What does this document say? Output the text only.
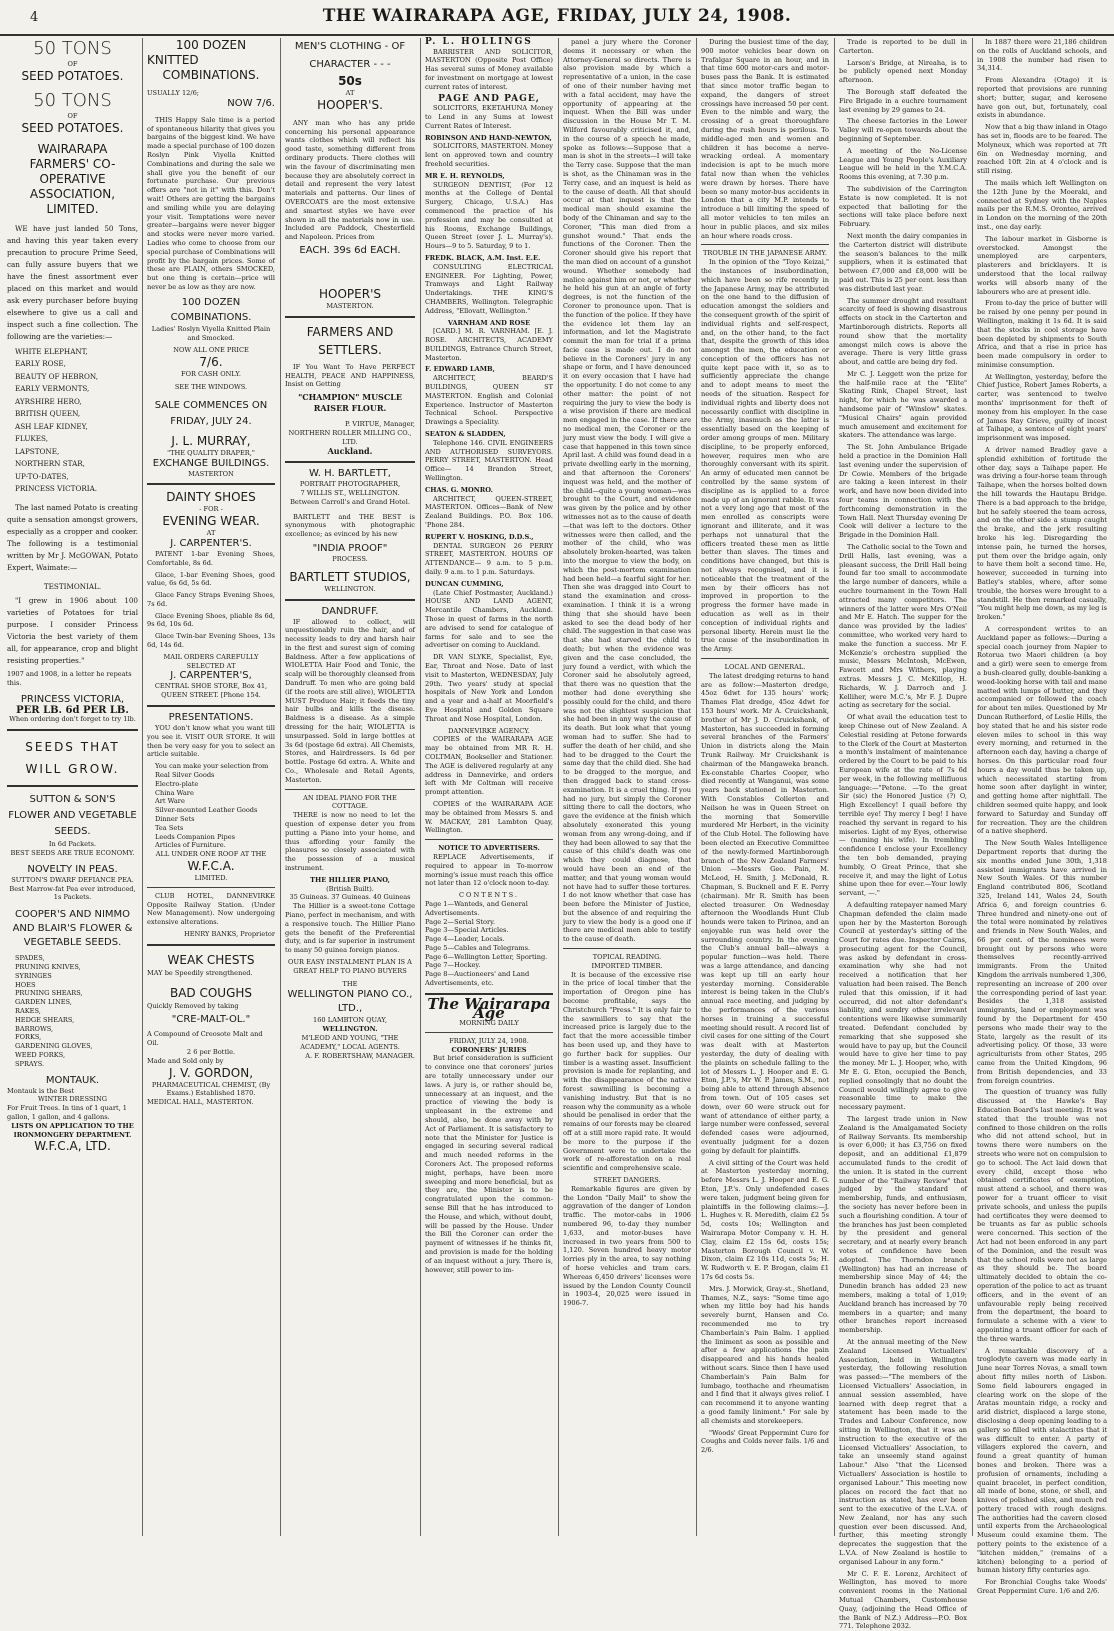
4	THE WAIRARAPA AGE, FRIDAY, JULY 24, 1908.
50 TONS
OF
SEED POTATOES.
50 TONS
OF
SEED POTATOES.
WAIRARAPA FARMERS' CO-OPERATIVE ASSOCIATION, LIMITED.

WE have just landed 50 Tons, and having this year taken every precaution to procure Prime Seed, can fully assure buyers that we have the finest assortment ever placed on this market and would ask every purchaser before buying elsewhere to give us a call and inspect such a fine collection. The following are the varieties:—

WHITE ELEPHANT,
EARLY ROSE,
BEAUTY OF HEBRON,
EARLY VERMONTS,
AYRSHIRE HERO,
BRITISH QUEEN,
ASH LEAF KIDNEY,
FLUKES,
LAPSTONE,
NORTHERN STAR,
UP-TO-DATES,
PRINCESS VICTORIA.

The last named Potato is creating quite a sensation amongst growers, especially as a cropper and cooker. The following is a testimonial written by Mr J. McGOWAN, Potato Expert, Waimate:—

TESTIMONIAL.

"I grew in 1906 about 100 varieties of Potatoes for trial purpose. I consider Princess Victoria the best variety of them all, for appearance, crop and blight resisting properties."

1907 and 1908, in a letter he repeats this.
PRINCESS VICTORIA,
PER LB. 6d PER LB.
When ordering don't forget to try 1lb.
SEEDS THAT WILL GROW.
SUTTON & SON'S FLOWER AND VEGETABLE SEEDS.
In 6d Packets.
BEST SEEDS ARE TRUE ECONOMY.
NOVELTY IN PEAS.
SUTTON'S DWARF DEFIANCE PEA.
Best Marrow-fat Pea ever introduced, 1s Packets.
COOPER'S AND NIMMO AND BLAIR'S FLOWER & VEGETABLE SEEDS.
SPADES,
PRUNING KNIVES,
SYRINGES
HOES
PRUNING SHEARS,
GARDEN LINES,
RAKES,
HEDGE SHEARS,
BARROWS,
FORKS,
GARDENING GLOVES,
WEED FORKS,
SPRAYS.
MONTAUK.
Montauk is the Best
WINTER DRESSING
For Fruit Trees. In tins of 1 quart, 1 gallon, 1 gallon, and 4 gallons.
LISTS ON APPLICATION TO THE IRONMONGERY DEPARTMENT.
W.F.C.A, LTD.
100 DOZEN
KNITTED
COMBINATIONS.
USUALLY 12/6;
NOW 7/6.

THIS Happy Sale time is a period of spontaneous hilarity that gives you bargains of the biggest kind. We have made a special purchase of 100 dozen Roslyn Pink Viyella Knitted Combinations and during the sale we shall give you the benefit of our fortunate purchase. Our previous offers are "not in it" with this. Don't wait! Others are getting the bargains and smiling while you are delaying your visit. Temptations were never greater—bargains were never bigger and stocks were never more varied. Ladies who come to choose from our special purchase of Combinations will profit by the bargain prices. Some of these are PLAIN, others SMOCKED, but one thing is certain—price will never be as low as they are now.

100 DOZEN COMBINATIONS.
Ladies' Roslyn Viyella Knitted Plain and Smocked.
NOW ALL ONE PRICE
7/6.
FOR CASH ONLY.
SEE THE WINDOWS.
SALE COMMENCES ON FRIDAY, JULY 24.
J. L. MURRAY,
"THE QUALITY DRAPER,"
EXCHANGE BUILDINGS.
MASTERTON
DAINTY SHOES
- FOR -
EVENING WEAR.
AT
J. CARPENTER'S.

PATENT 1-bar Evening Shoes, Comfortable, 8s 6d.

Glace, 1-bar Evening Shoes, good value, 6s 6d, 5s 6d.

Glace Fancy Straps Evening Shoes, 7s 6d.

Glace Evening Shoes, pliable 8s 6d, 9s 6d, 10s 6d.

Glace Twin-bar Evening Shoes, 13s 6d, 14s 6d.

MAIL ORDERS CAREFULLY SELECTED AT
J. CARPENTER'S,
CENTRAL SHOE STORE, Box 41, QUEEN STREET. [Phone 154.
PRESENTATIONS.

YOU don't know what you want till you see it. VISIT OUR STORE. It will then be very easy for you to select an article suitable.

You can make your selection from
Real Silver Goods
Electro-plate
China Ware
Art Ware
Silver-mounted Leather Goods
Dinner Sets
Tea Sets
Leeds Companion Pipes
Articles of Furniture.
ALL UNDER ONE ROOF AT THE
W.F.C.A.
LIMITED.

CLUB HOTEL, DANNEVIRKE Opposite Railway Station. (Under New Management). Now undergoing extensive alterations.

HENRY BANKS, Proprietor
WEAK CHESTS
MAY be Speedily strengthened.
BAD COUGHS
Quickly Removed by taking
"CRE-MALT-OL."
A Compound of Creosote Malt and Oil.
2 6 per Bottle.
Made and Sold only by
J. V. GORDON,
PHARMACEUTICAL CHEMIST, (By Exams.) Established 1870.
MEDICAL HALL, MASTERTON.
MEN'S CLOTHING - OF CHARACTER - - -
50s
AT
HOOPER'S.

ANY man who has any pride concerning his personal appearance wants clothes which will reflect his good taste, something different from ordinary products. There clothes will win the favour of discriminating men because they are absolutely correct in detail and represent the very latest materials and patterns. Our lines of OVERCOATS are the most extensive and smartest styles we have ever shown in all the materials now in use. Included are Paddock, Chesterfield and Napoleon. Prices from

EACH. 39s 6d EACH.
HOOPER'S
MASTERTON.
FARMERS AND SETTLERS.

IF You Want To Have PERFECT HEALTH, PEACE AND HAPPINESS, Insist on Getting

"CHAMPION" MUSCLE RAISER FLOUR.
P. VIRTUE, Manager,
NORTHERN ROLLER MILLING CO., LTD.
Auckland.
W. H. BARTLETT,
PORTRAIT PHOTOGRAPHER,
7 WILLIS ST., WELLINGTON. Between Carroll's and Grand Hotel.

BARTLETT and THE BEST is synonymous with photographic excellence; as evinced by his new

"INDIA PROOF"
PROCESS.
BARTLETT STUDIOS,
WELLINGTON.
DANDRUFF.

IF allowed to collect, will unquestionably ruin the hair, and of necessity leads to dry and harsh hair in the first and surest sign of coming Baldness. After a few applications of WIOLETTA Hair Food and Tonic, the scalp will be thoroughly cleansed from Dandruff. To men who are going bald (if the roots are still alive), WIOLETTA MUST Produce Hair; it feeds the tiny hair bulbs and kills the disease. Baldness is a disease. As a simple dressing for the hair, WIOLETTA is unsurpassed. Sold in large bottles at 3s 6d (postage 6d extra). All Chemists, Stores, and Hairdressers. Is 6d per bottle. Postage 6d extra. A. White and Co., Wholesale and Retail Agents, Masterton.

AN IDEAL PIANO FOR THE COTTAGE.

THERE is now no need to let the question of expense deter you from putting a Piano into your home, and thus affording your family the pleasures so closely associated with the possession of a musical instrument.

THE HILLIER PIANO,
(British Built).
35 Guineas. 37 Guineas. 40 Guineas

The Hillier is a sweet-tone Cottage Piano, perfect in mechanism, and with a responsive touch. The Hillier Piano gets the benefit of the Preferential duty, and is far superior in instrument to many 50 guinea foreign pianos.

OUR EASY INSTALMENT PLAN IS A GREAT HELP TO PIANO BUYERS
THE
WELLINGTON PIANO CO., LTD.,
160 LAMBTON QUAY,
WELLINGTON.
M'LEOD AND YOUNG, "THE ACADEMY," LOCAL AGENTS.
A. F. ROBERTSHAW, MANAGER.
P. L. HOLLINGS

BARRISTER AND SOLICITOR, MASTERTON (Opposite Post Office) Has several sums of Money available for investment on mortgage at lowest current rates of interest.

PAGE AND PAGE,

SOLICITORS, EKETAHUNA Money to Lend in any Sums at lowest Current Rates of Interest.

ROBINSON AND HAND-NEWTON,

SOLICITORS, MASTERTON. Money lent on approved town and country freehold securities.

MR E. H. REYNOLDS,

SURGEON DENTIST, (For 12 months at the College of Dental Surgery, Chicago, U.S.A.) Has commenced the practice of his profession and may be consulted at his Rooms, Exchange Buildings, Queen Street (over J. L. Murray's). Hours—9 to 5. Saturday, 9 to 1.

FREDK. BLACK, A.M. Inst. E.E.

CONSULTING ELECTRICAL ENGINEER. For Lighting, Power, Tramways and Light Railway Undertakings. THE KING'S CHAMBERS, Wellington. Telegraphic Address, "Ellovatt, Wellington."

VARNHAM AND ROSE

[CARD.] M. R. VARNHAM. [E. J. ROSE. ARCHITECTS, ACADEMY BUILDINGS, Entrance Church Street, Masterton.

F. EDWARD LAMB,

ARCHITECT, BEARD'S BUILDINGS, QUEEN ST MASTERTON. English and Colonial Experience. Instructor of Masterton Technical School. Perspective Drawings a Speciality.

SEATON & SLADDEN,

Telephone 146. CIVIL ENGINEERS AND AUTHORISED SURVEYORS. PERRY STREET, MASTERTON. Head Office— 14 Brandon Street, Wellington.

CHAS. G. MONRO.

ARCHITECT, QUEEN-STREET, MASTERTON. Offices—Bank of New Zealand Buildings. P.O. Box 106. 'Phone 284.

RUPERT V. HOSKING, D.D.S.,

DENTAL SURGEON 26 PERRY STREET, MASTERTON. HOURS OF ATTENDANCE— 9 a.m. to 5 p.m. daily. 9 a.m. to 1 p.m. Saturdays.

DUNCAN CUMMING,

(Late Chief Postmaster, Auckland.) HOUSE AND LAND AGENT, Mercantile Chambers, Auckland. Those in quest of farms in the north are advised to send for catalogue of farms for sale and to see the advertiser on coming to Auckland.

DR VAN SLYKE, Specialist, Eye, Ear, Throat and Nose. Date of last visit to Masterton, WEDNESDAY, July 29th. Two years' study at special hospitals of New York and London and a year and a-half at Moorfield's Eye Hospital and Golden Square Throat and Nose Hospital, London.

DANNEVIRKE AGENCY.

COPIES of the WAIRARAPA AGE may be obtained from MR R. H. COLTMAN, Bookseller and Stationer. The AGE is delivered regularly at any address in Dannevirke, and orders left with Mr Coltman will receive prompt attention.

COPIES of the WAIRARAPA AGE may be obtained from Messrs S. and W. MACKAY, 281 Lambton Quay, Wellington.

NOTICE TO ADVERTISERS.

REPLACE Advertisements, if required to appear in To-morrow morning's issue must reach this office not later than 12 o'clock noon to-day.

CONTENTS.
Page 1—Wanteds, and General Advertisements.
Page 2—Serial Story.
Page 3—Special Articles.
Page 4—Leader, Locals.
Page 5—Cables and Telegrams.
Page 6—Wellington Letter, Sporting.
Page 7—Hockey.
Page 8—Auctioneers' and Land Advertisements, etc.
The Wairarapa Age
MORNING DAILY
FRIDAY, JULY 24, 1908.
CORONERS' JURIES

But brief consideration is sufficient to convince one that coroners' juries are totally unnecessary under our laws. A jury is, or rather should be, unnecessary at an inquest, and the practice of viewing the body is unpleasant in the extreme and should, also, be done away with by Act of Parliament. It is satisfactory to note that the Minister for Justice is engaged in securing several radical and much needed reforms in the Coroners Act. The proposed reforms might, perhaps, have been more sweeping and more beneficial, but as they are, the Minister is to be congratulated upon the common-sense Bill that he has introduced to the House, and which, without doubt, will be passed by the House. Under the Bill the Coroner can order the payment of witnesses if he thinks fit, and provision is made for the holding of an inquest without a jury. There is, however, still power to im-

panel a jury where the Coroner deems it necessary or when the Attorney-General so directs. There is also provision made by which a representative of a union, in the case of one of their number having met with a fatal accident, may have the opportunity of appearing at the inquest. When the Bill was under discussion in the House Mr T. M. Wilford favourably criticised it, and, in the course of a speech he made, spoke as follows:—Suppose that a man is shot in the streets—I will take the Terry case. Suppose that the man is shot, as the Chinaman was in the Terry case, and an inquest is held as to the cause of death. All that should occur at that inquest is that the medical man should examine the body of the Chinaman and say to the Coroner, "This man died from a gunshot wound." That ends the functions of the Coroner. Then the Coroner should give his report that the man died on account of a gunshot wound. Whether somebody had malice against him or not, or whether he held his gun at an angle of forty degrees, is not the function of the Coroner to pronounce upon. That is the function of the police. If they have the evidence let them lay an information, and let the Magistrate commit the man for trial if a prima facie case is made out. I do not believe in the Coroners' jury in any shape or form, and I have denounced it on every occasion that I have had the opportunity. I do not come to any other matter: the point of not requiring the jury to view the body is a wise provision if there are medical men engaged in the case. If there are no medical men, the Coroner or the jury must view the body. I will give a case that happened in this town since April last. A child was found dead in a private dwelling early in the morning, and that afternoon the Coroners' inquest was held, and the mother of the child—quite a young woman—was brought to the Court, and evidence was given by the police and by other witnesses not as to the cause of death—that was left to the doctors. Other witnesses were then called, and the mother of the child, who was absolutely broken-hearted, was taken into the morgue to view the body, on which the post-mortem examination had been held—a fearful sight for her. Then she was dragged into Court to stand the examination and cross-examination. I think it is a wrong thing that she should have been asked to see the dead body of her child. The suggestion in that case was that she had starved the child to death; but when the evidence was given and the case concluded, the jury found a verdict, with which the Coroner said he absolutely agreed, that there was no question that the mother had done everything she possibly could for the child, and there was not the slightest suspicion that she had been in any way the cause of its death. But look what that young woman had to suffer. She had to suffer the death of her child, and she had to be dragged to the Court the same day that the child died. She had to be dragged to the morgue, and then dragged back to stand cross-examination. It is a cruel thing. If you had no jury, but simply the Coroner sitting there to call the doctors, who gave the evidence at the finish which absolutely exonerated this young woman from any wrong-doing, and if they had been allowed to say that the cause of this child's death was one which they could diagnose, that would have been an end of the matter, and that young woman would not have had to suffer these tortures. I do not know whether that case has been before the Minister of Justice, but the absence of and requiring the jury to view the body is a good one if there are medical men able to testify to the cause of death.

TOPICAL READING.
IMPORTED TIMBER.

It is because of the excessive rise in the price of local timber that the importation of Oregon pine has become profitable, says the Christchurch "Press." It is only fair to the sawmillers to say that the increased price is largely due to the fact that the more accessible timber has been used up, and they have to go further back for supplies. Our timber is a wasting asset. Insufficient provision is made for replanting, and with the disappearance of the native forest sawmilling is becoming a vanishing industry. But that is no reason why the community as a whole should be penalised in order that the remains of our forests may be cleared off at a still more rapid rate. It would be more to the purpose if the Government were to undertake the work of re-afforestation on a real scientific and comprehensive scale.

STREET DANGERS.

Remarkable figures are given by the London "Daily Mail" to show the aggravation of the danger of London traffic. The motor-cabs in 1906 numbered 96, to-day they number 1,633, and motor-buses have increased in two years from 500 to 1,120. Seven hundred heavy motor lorries ply in the area, to say nothing of horse vehicles and tram cars. Whereas 6,450 drivers' licenses were issued by the London County Council in 1903-4, 20,025 were issued in 1906-7.

During the busiest time of the day, 900 motor vehicles bear down on Trafalgar Square in an hour, and in that time 600 motor-cars and motor-buses pass the Bank. It is estimated that since motor traffic began to expand, the dangers of street crossings have increased 50 per cent. Even to the nimble and wary, the crossing of a great thoroughfare during the rush hours is perilous. To middle-aged men and women and children it has become a nerve-wracking ordeal. A momentary indecision is apt to be much more fatal now than when the vehicles were drawn by horses. There have been so many motor-bus accidents in London that a city M.P. intends to introduce a bill limiting the speed of all motor vehicles to ten miles an hour in public places, and six miles an hour where roads cross.

TROUBLE IN THE JAPANESE ARMY.

In the opinion of the "Toyo Keizai," the instances of insubordination, which have been so rife recently in the Japanese Army, may be attributed on the one hand to the diffusion of education amongst the soldiers and the consequent growth of the spirit of individual rights and self-respect, and, on the other hand, to the fact that, despite the growth of this idea amongst the men, the education or conception of the officers has not quite kept pace with it, so as to sufficiently appreciate the change and to adopt means to meet the needs of the situation. Respect for individual rights and liberty does not necessarily conflict with discipline in the Army, inasmuch as the latter is essentially based on the keeping of order among groups of men. Military discipline, to be properly enforced, however, requires men who are thoroughly conversant with its spirit. An army of educated men cannot be controlled by the same system of discipline as is applied to a force made up of an ignorant rabble. It was not a very long ago that most of the men enrolled as conscripts were ignorant and illiterate, and it was perhaps not unnatural that the officers treated these men as little better than slaves. The times and conditions have changed, but this is not always recognised, and it is noticeable that the treatment of the men by their officers has not improved in proportion to the progress the former have made in education as well as in their conception of individual rights and personal liberty. Herein must lie the true cause of the insubordination in the Army.

LOCAL AND GENERAL.

The latest dredging returns to hand are as follow:—Masterton dredge, 45oz 6dwt for 135 hours' work; Thames Flat dredge, 45oz 4dwt for 153 hours' work. Mr A. Cruickshank, brother of Mr J. D. Cruickshank, of Masterton, has succeeded in forming several branches of the Farmers' Union in districts along the Main Trunk Railway. Mr Cruickshank is chairman of the Mangaweka branch. Ex-constable Charles Cooper, who died recently at Wanganui, was some years back stationed in Masterton. With Constables Collerton and Neilson he was in Queen Street on the morning that Somerville murdered Mr Herbert, in the vicinity of the Club Hotel. The following have been elected an Executive Committee of the newly-formed Martinborough branch of the New Zealand Farmers' Union —Messrs Geo. Pain, M. McLeod, H. Smith, J. McDonald, R. Chapman, S. Bucknell and F. E. Perry (chairman). Mr R. Smith has been elected treasurer. On Wednesday afternoon the Woodlands Hunt Club hounds were taken to Pirinoa, and an enjoyable run was held over the surrounding country. In the evening the Club's annual ball—always a popular function—was held. There was a large attendance, and dancing was kept up till an early hour yesterday morning. Considerable interest is being taken in the Club's annual race meeting, and judging by the performances of the various horses in training a successful meeting should result. A record list of civil cases for one sitting of the Court was dealt with at Masterton yesterday, the duty of dealing with the plaints on schedule falling to the lot of Messrs L. J. Hooper and E. G. Eton, J.P.'s, Mr W. P. James, S.M., not being able to attend through absence from town. Out of 105 cases set down, over 60 were struck out for want of attendance of either party, a large number were confessed, several defended cases were adjourned, eventually judgment for a dozen going by default for plaintiffs.

A civil sitting of the Court was held at Masterton yesterday morning, before Messrs L. J. Hooper and E. G. Eton, J.P.'s. Only undefended cases were taken, judgment being given for plaintiffs in the following claims:—J. L. Hughes v. R. Meredith, claim £2 5s 5d, costs 10s; Wellington and Wairarapa Motor Company v. H. H. Clay, claim £2 15s 6d, costs 15s; Masterton Borough Council v. W. Dixon, claim £2 10s 11d, costs 5s; H. W. Rudworth v. E. P. Brogan, claim £1 17s 6d costs 5s.

Mrs. J. Morwick, Gray-st., Shetland, Thames, N.Z., says: "Some time ago when my little boy had his hands severely burnt, Hansen and Co. recommended me to try Chamberlain's Pain Balm. I applied the liniment as soon as possible and after a few applications the pain disappeared and his hands healed without scars. Since then I have used Chamberlain's Pain Balm for lumbago, toothache and rheumatism and I find that it always gives relief. I can recommend it to anyone wanting a good family liniment." For sale by all chemists and storekeepers.

"Woods' Great Peppermint Cure for Coughs and Colds never fails. 1/6 and 2/6.

Trade is reported to be dull in Carterton.

Larson's Bridge, at Nireaha, is to be publicly opened next Monday afternoon.

The Borough staff defeated the Fire Brigade in a euchre tournament last evening by 29 games to 24.

The cheese factories in the Lower Valley will re-open towards about the beginning of September.

A meeting of the No-License League and Young People's Auxiliary League will be held in the Y.M.C.A. Rooms this evening, at 7.30 p.m.

The subdivision of the Carrington Estate is now completed. It is not expected that balloting for the sections will take place before next February.

Next month the dairy companies in the Carterton district will distribute the season's balances to the milk suppliers, when it is estimated that between £7,000 and £8,000 will be paid out. This is 25 per cent. less than was distributed last year.

The summer drought and resultant scarcity of feed is showing disastrous effects on stock in the Carterton and Martinborough districts. Reports all round show that the mortality amongst milch cows is above the average. There is very little grass about, and cattle are being dry fed.

Mr C. J. Leggett won the prize for the half-mile race at the "Elite" Skating Rink, Chapel Street, last night, for which he was awarded a handsome pair of "Winslow" skates. "Musical Chairs" again provided much amusement and excitement for skaters. The attendance was large.

The St. John Ambulance Brigade held a practice in the Dominion Hall last evening under the supervision of Dr Cowie. Members of the brigade are taking a keen interest in their work, and have now been divided into four teams in connection with the forthcoming demonstration in the Town Hall. Next Thursday evening Dr Cook will deliver a lecture to the Brigade in the Dominion Hall.

The Catholic social to the Town and Drill Halls, last evening, was a pleasant success, the Drill Hall being found far too small to accommodate the large number of dancers, while a euchre tournament in the Town Hall attracted many competitors. The winners of the latter were Mrs O'Neil and Mr E. Hatch. The supper for the dance was provided by the ladies' committee, who worked very hard to make the function a success. Mr F. McKenzie's orchestra supplied the music, Messrs McIntosh, McEwen, Fawcett and Mrs Withers, playing extras. Messrs J. C. McKillop, H. Richards, W. J. Darroch and J. Kelliher, were M.C.'s, Mr F. J. Dupre acting as secretary for the social.

Of what avail the education test to keep Chinese out of New Zealand. A Celestial residing at Petone forwards to the Clerk of the Court at Masterton a month's instalment of maintenance ordered by the Court to be paid to his European wife at the rate of 7s 6d per week, in the following mellifluous language:—"Petone. —To the great Sir (sic) the Honored Justice (?) O, High Excellency! I quail before thy terrible eye! Thy mercy I beg! I have reached thy servant in regard to his miseries. Light of my Eyes, otherwise — (naming his wife). In trembling confidence I enclose your Excellency the ten bob demanded, praying humbly, O Great Prince, that she receive it, and may the light of Lotus shine upon thee for ever.—Your lowly servant, —."

A defaulting ratepayer named Mary Chapman defended the claim made upon her by the Masterton Borough Council at yesterday's sitting of the Court for rates due. Inspector Cairns, prosecuting agent for the Council, was asked by defendant in cross-examination why she had not received a notification that her valuation had been raised. The Bench ruled that this omission, if it had occurred, did not alter defendant's liability, and sundry other irrelevant contentions were likewise summarily treated. Defendant concluded by remarking that she supposed she would have to pay up, but the Council would have to give her time to pay the money. Mr L. J. Hooper, who, with Mr E. G. Eton, occupied the Bench, replied consolingly that no doubt the Council would willingly agree to give reasonable time to make the necessary payment.

The largest trade union in New Zealand is the Amalgamated Society of Railway Servants. Its membership is over 6,000; it has £3,756 on fixed deposit, and an additional £1,879 accumulated funds to the credit of the union. It is stated in the current number of the "Railway Review" that judged by the standard of membership, funds, and enthusiasm, the society has never before been in such a flourishing condition. A tour of the branches has just been completed by the president and general secretary, and at nearly every branch votes of confidence have been adopted. The Thorndon branch (Wellington) has had an increase of membership since May of 44; the Dunedin branch has added 23 new members, making a total of 1,019; Auckland branch has increased by 70 members in a quarter; and many other branches report increased membership.

At the annual meeting of the New Zealand Licensed Victuallers' Association, held in Wellington yesterday, the following resolution was passed:—"The members of the Licensed Victuallers' Association, in annual session assembled, have learned with deep regret that a statement has been made to the Trades and Labour Conference, now sitting in Wellington, that it was an instruction to the executive of the Licensed Victuallers' Association, to take an unseemly stand against Labour." Also "that the Licensed Victuallers' Association is hostile to organised Labour." This meeting now places on record the fact that no instruction as stated, has ever been sent to the executive of the L.V.A. of New Zealand, nor has any such question ever been discussed. And, further, this meeting strongly deprecates the suggestion that the L.V.A. of New Zealand is hostile to organised Labour in any form."

Mr C. F. E. Lorenz, Architect of Wellington, has moved to more convenient rooms in the National Mutual Chambers, Customhouse Quay, (adjoining the Head Office of the Bank of N.Z.) Address—P.O. Box 771. Telephone 2032.

In 1887 there were 21,186 children on the rolls of Auckland schools, and in 1908 the number had risen to 34,314.

From Alexandra (Otago) it is reported that provisions are running short; butter, sugar, and kerosene have gon out, but, fortunately, coal exists in abundance.

Now that a big thaw inland in Otago has set in, floods are to be feared. The Molyneux, which was reported at 7ft 6in on Wednesday morning, and reached 10ft 2in at 4 o'clock and is still rising.

The mails which left Wellington on the 12th June by the Moeraki, and connected at Sydney with the Naples mails per the R.M.S. Oronteo, arrived in London on the morning of the 20th inst., one day early.

The labour market in Gisborne is overstocked. Amongst the unemployed are carpenters, plasterers and bricklayers. It is understood that the local railway works will absorb many of the labourers who are at present idle.

From to-day the price of butter will be raised by one penny per pound in Wellington, making it 1s 6d. It is said that the stocks in cool storage have been depleted by shipments to South Africa, and that a rise in price has been made compulsory in order to minimise consumption.

At Wellington, yesterday, before the Chief Justice, Robert James Roberts, a carter, was sentenced to twelve months' imprisonment for theft of money from his employer. In the case of James Ray Grieve, guilty of incest at Taihape, a sentence of eight years' imprisonment was imposed.

A driver named Bradley gave a splendid exhibition of fortitude the other day, says a Taihape paper. He was driving a four-horse team through Taihape, when the horses bolted down the hill towards the Hautapu Bridge. There is a bad approach to the bridge, but he safely steered the team across, and on the other side a stump caught the brake, and the jerk resulting broke his leg. Disregarding the intense pain, he turned the horses, put them over the bridge again, only to have them bolt a second time. He, however, succeeded in turning into Batley's stables, where, after some trouble, the horses were brought to a standstill. He then remarked casually, "You might help me down, as my leg is broken."

A correspondent writes to an Auckland paper as follows:—During a special coach journey from Napier to Rotorua two Maori children (a boy and a girl) were seen to emerge from a bush-cleared gully, double-banking a wood-looking horse with tail and mane matted with lumps of butter, and they accompanied or followed the coach for about ten miles. Questioned by Mr Duncan Rutherford, of Leslie Hills, the boy stated that he and his sister rode eleven miles to school in this way every morning, and returned in the afternoon each day, having a charge of horses. On this particular road four hours a day would thus be taken up, which necessitated starting from home soon after daylight in winter, and getting home after nightfall. The children seemed quite happy, and look forward to Saturday and Sunday off for recreation. They are the children of a native shepherd.

The New South Wales Intelligence Department reports that during the six months ended June 30th, 1,318 assisted immigrants have arrived in New South Wales. Of this number England contributed 806, Scotland 325, Ireland 141, Wales 24, South Africa 6, and foreign countries 6. Three hundred and ninety-one out of the total were nominated by relatives and friends in New South Wales, and 66 per cent. of the nominees were brought out by persons who were themselves recently-arrived immigrants. From the United Kingdom the arrivals numbered 1,306, representing an increase of 200 over the corresponding period of last year. Besides the 1,318 assisted immigrants, land or employment was found by the Department for 450 persons who made their way to the State, largely as the result of its advertising policy. Of those, 33 were agriculturists from other States, 295 came from the United Kingdom, 96 from British dependencies, and 33 from foreign countries.

The question of truancy was fully discussed at the Hawke's Bay Education Board's last meeting. It was stated that the trouble was not confined to those children on the rolls who did not attend school, but in towns there were numbers on the streets who were not on compulsion to go to school. The Act laid down that every child, except those who obtained certificates of exemption, must attend a school, and there was power for a truant officer to visit private schools, and unless the pupils had certificates they were deemed to be truants as far as public schools were concerned. This section of the Act had not been enforced in any part of the Dominion, and the result was that the school rolls were not as large as they should be. The board ultimately decided to obtain the co-operation of the police to act as truant officers, and in the event of an unfavourable reply being received from the department, the board to formulate a scheme with a view to appointing a truant officer for each of the three wards.

A remarkable discovery of a troglodyte cavern was made early in June near Torres Novas, a small town about fifty miles north of Lisbon. Some field labourers engaged in clearing work on the slope of the Aratas mountain ridge, a rocky and arid district, displaced a large stone, disclosing a deep opening leading to a gallery so filled with stalactites that it was difficult to enter. A party of villagers explored the cavern, and found a great quantity of human bones and broken. There was a profusion of ornaments, including a quaint bracelet, in perfect condition, all made of bone, stone, or shell, and knives of polished silex, and much red pottery traced with rough designs. The authorities had the cavern closed until experts from the Archaeological Museum could examine them. The pottery points to the existence of a "kitchen midden," (remains of a kitchen) belonging to a period of human history fifty centuries ago.

For Bronchial Coughs take Woods' Great Peppermint Cure. 1/6 and 2/6.
